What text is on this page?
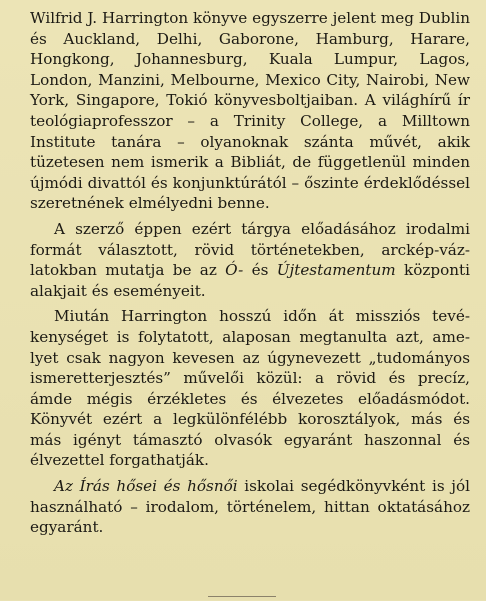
Wilfrid J. Harrington könyve egyszerre jelent meg Dublin és Auckland, Delhi, Gaborone, Hamburg, Harare, Hongkong, Johannesburg, Kuala Lumpur, Lagos, London, Manzini, Melbourne, Mexico City, Nairobi, New York, Singapore, Tokió könyvesboltjaiban. A világhírű ír teológiaprofesszor – a Trinity College, a Milltown Institute tanára – olyanoknak szánta művét, akik tüzetesen nem ismerik a Bibliát, de függetlenül minden újmódi divattól és konjunktúrától – őszinte érdeklődéssel szeretnének elmélyedni benne.

A szerző éppen ezért tárgya előadásához irodalmi formát választott, rövid történetekben, arckép-vázlatokban mutatja be az Ó- és Újtestamentum központi alakjait és eseményeit.

Miután Harrington hosszú időn át missziós tevékenységet is folytatott, alaposan megtanulta azt, amelyet csak nagyon kevesen az úgynevezett „tudományos ismeretterjesztés” művelői közül: a rövid és precíz, ámde mégis érzékletes és élvezetes előadásmódot. Könyvét ezért a legkülönfélébb korosztályok, más és más igényt támasztó olvasók egyaránt haszonnal és élvezettel forgathatják.

Az Írás hősei és hősnői iskolai segédkönyvként is jól használható – irodalom, történelem, hittan oktatásához egyaránt.
